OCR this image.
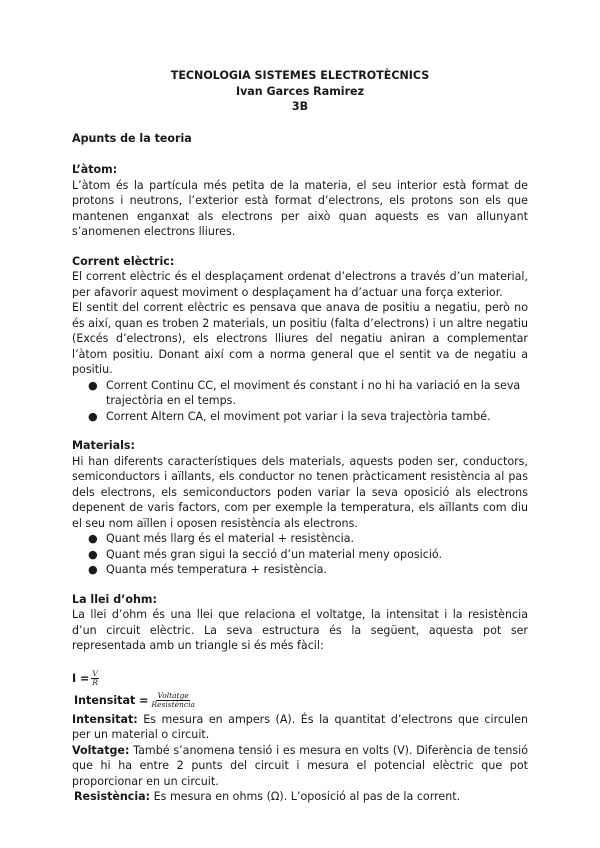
TECNOLOGIA SISTEMES ELECTROTÈCNICS
Ivan Garces Ramirez
3B
Apunts de la teoria
L’àtom:

L’àtom és la partícula més petita de la materia, el seu interior està format de protons i neutrons, l’exterior està format d’electrons, els protons son els que mantenen enganxat als electrons per això quan aquests es van allunyant s’anomenen electrons lliures.

Corrent elèctric:

El corrent elèctric és el desplaçament ordenat d’electrons a través d’un material, per afavorir aquest moviment o desplaçament ha d’actuar una força exterior.

El sentit del corrent elèctric es pensava que anava de positiu a negatiu, però no és així, quan es troben 2 materials, un positiu (falta d’electrons) i un altre negatiu (Excés d’electrons), els electrons lliures del negatiu aniran a complementar l’àtom positiu. Donant així com a norma general que el sentit va de negatiu a positiu.

● Corrent Continu CC, el moviment és constant i no hi ha variació en la seva trajectòria en el temps.
● Corrent Altern CA, el moviment pot variar i la seva trajectòria també.
Materials:

Hi han diferents característiques dels materials, aquests poden ser, conductors, semiconductors i aïllants, els conductor no tenen pràcticament resistència al pas dels electrons, els semiconductors poden variar la seva oposició als electrons depenent de varis factors, com per exemple la temperatura, els aïllants com diu el seu nom aïllen i oposen resistència als electrons.

● Quant més llarg és el material + resistència.
● Quant més gran sigui la secció d’un material meny oposició.
● Quanta més temperatura + resistència.
La llei d’ohm:

La llei d’ohm és una llei que relaciona el voltatge, la intensitat i la resistència d’un circuit elèctric. La seva estructura és la següent, aquesta pot ser representada amb un triangle si és més fàcil:

$I = \frac{V}{R}$
Intensitat = $\frac{\text{Voltatge}}{\text{Resistència}}$

Intensitat: Es mesura en ampers (A). És la quantitat d’electrons que circulen per un material o circuit.

Voltatge: També s’anomena tensió i es mesura en volts (V). Diferència de tensió que hi ha entre 2 punts del circuit i mesura el potencial elèctric que pot proporcionar en un circuit.

Resistència: Es mesura en ohms (Ω). L’oposició al pas de la corrent.
